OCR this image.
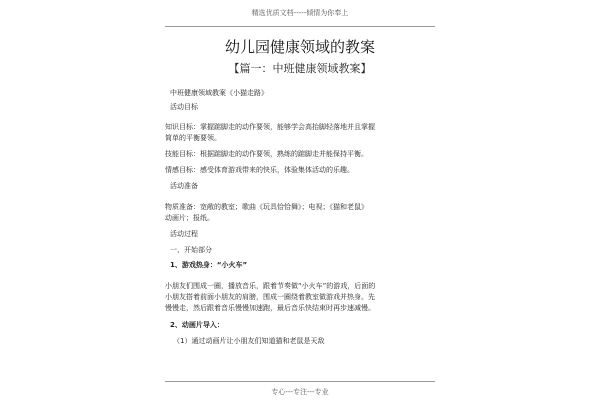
精选优质文档-----倾情为你奉上
幼儿园健康领域的教案
【篇一：中班健康领域教案】
中班健康领域教案《小猫走路》
活动目标
知识目标：掌握踮脚走的动作要领，能够学会高抬脚轻落地并且掌握
简单的平衡要领。
技能目标：根据踮脚走的动作要领，熟练的踮脚走并能保持平衡。
情感目标：感受体育游戏带来的快乐，体验集体活动的乐趣。
活动准备
物质准备：宽敞的教室；歌曲《玩具恰恰舞》；电视；《猫和老鼠》
动画片；报纸。
活动过程
一、开始部分
1、游戏热身：“小火车”
小朋友们围成一圈，播放音乐，跟着节奏做“小火车”的游戏，后面的
小朋友搭着前面小朋友的肩膀，围成一圈绕着教室做游戏并热身。先
慢慢走，然后跟着音乐慢慢加速跑，最后音乐快结束时再步速减慢。
2、动画片导入：
（1）通过动画片让小朋友们知道猫和老鼠是天敌
专心---专注---专业
